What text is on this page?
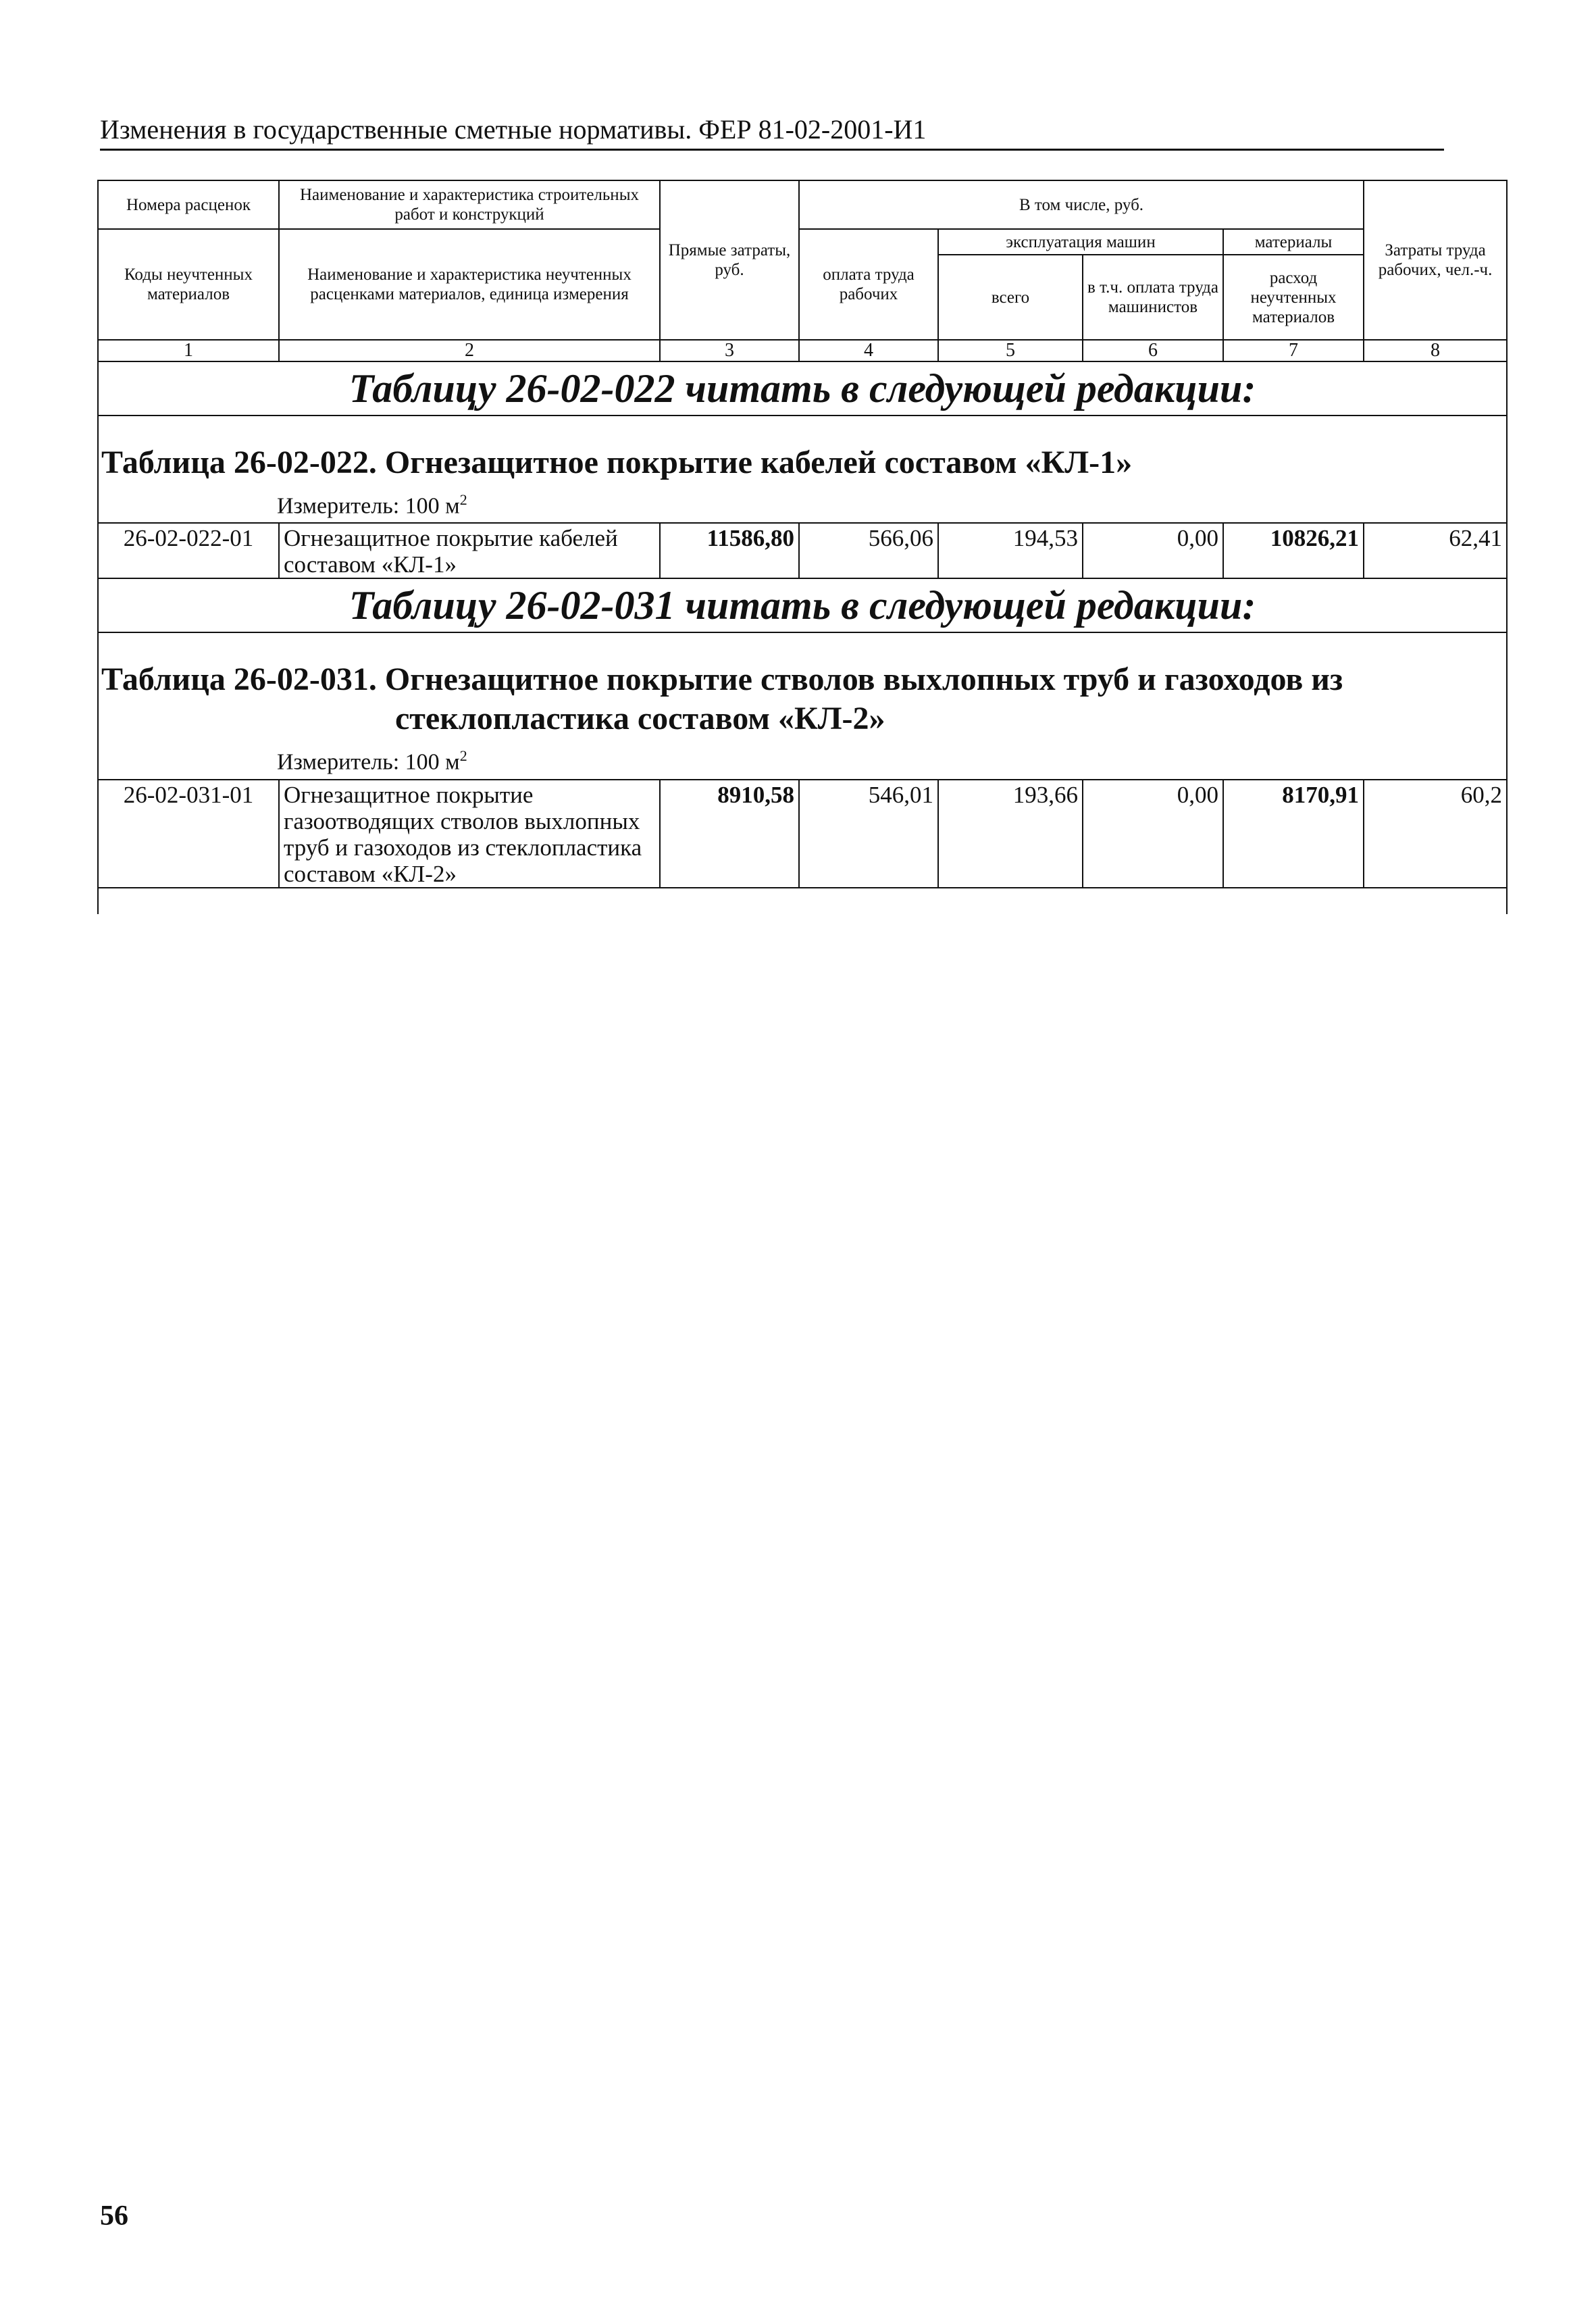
Изменения в государственные сметные нормативы. ФЕР 81-02-2001-И1
Номера расценок	Наименование и характеристика строительных работ и конструкций	Прямые затраты, руб.	В том числе, руб.				Затраты труда рабочих, чел.-ч.
Коды неучтенных материалов	Наименование и характеристика неучтенных расценками материалов, единица измерения		оплата труда рабочих	эксплуатация машин		материалы	
				всего	в т.ч. оплата труда машинистов	расход неучтенных материалов	
1	2	3	4	5	6	7	8
Таблицу 26-02-022 читать в следующей редакции:							

Таблица 26-02-022. Огнезащитное покрытие кабелей составом «КЛ-1»							

Измеритель: 100 $м^2$
26-02-022-01	Огнезащитное покрытие кабелей составом «КЛ-1»	11586,80	566,06	194,53	0,00	10826,21	62,41
Таблицу 26-02-031 читать в следующей редакции:							

Таблица 26-02-031. Огнезащитное покрытие стволов выхлопных труб и газоходов из
стеклопластика составом «КЛ-2»							

Измеритель: 100 $м^2$
26-02-031-01	Огнезащитное покрытие газоотводящих стволов выхлопных труб и газоходов из стеклопластика составом «КЛ-2»	8910,58	546,01	193,66	0,00	8170,91	60,2

56
